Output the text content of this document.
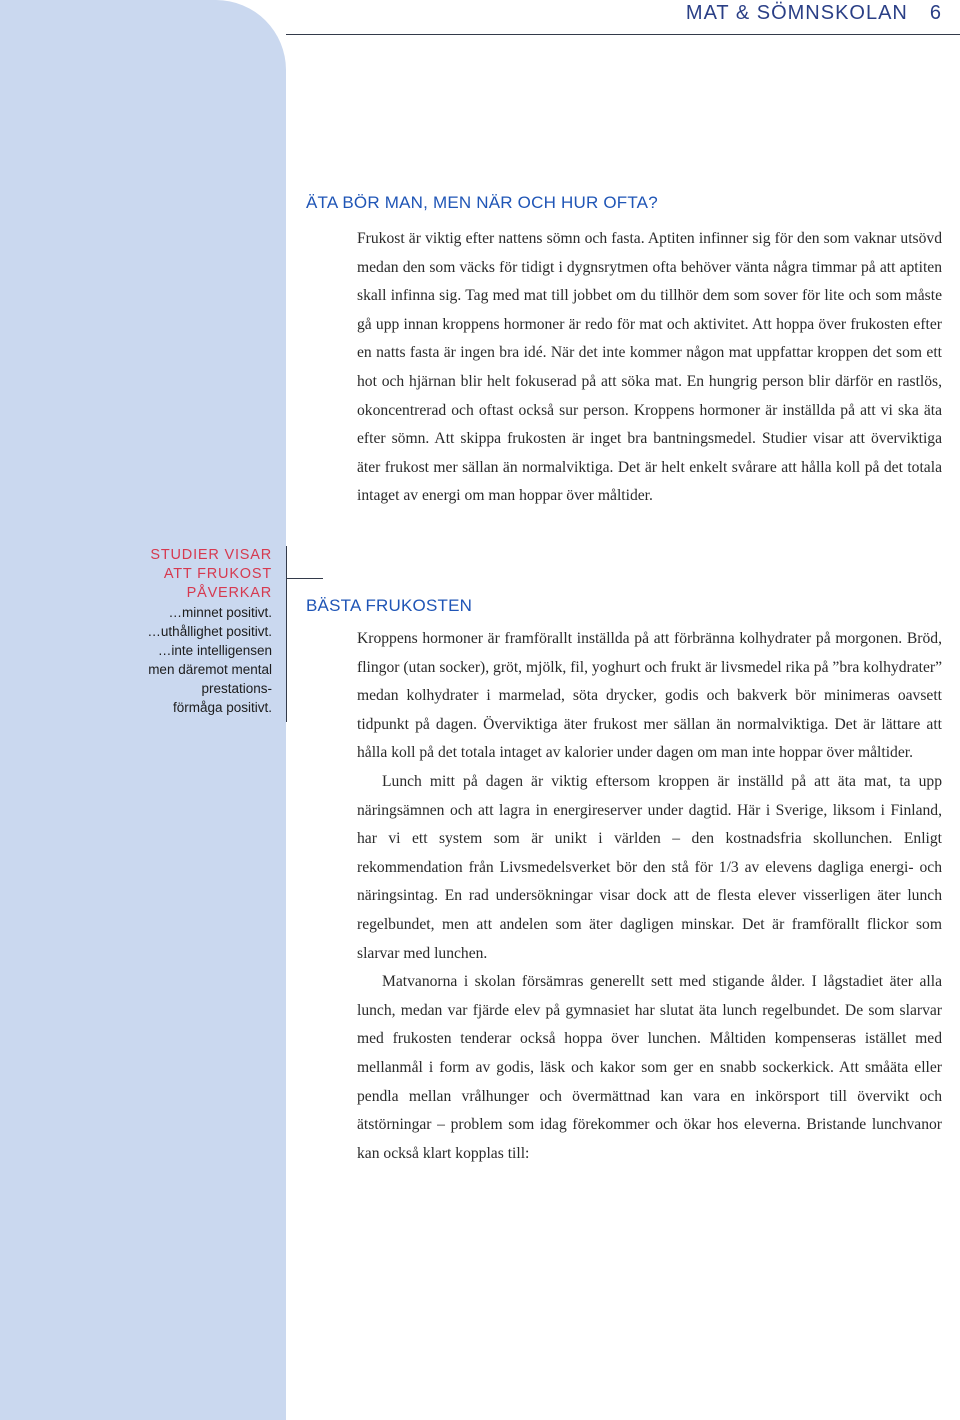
MAT & SÖMNSKOLAN 6
ÄTA BÖR MAN, MEN NÄR OCH HUR OFTA?

Frukost är viktig efter nattens sömn och fasta. Aptiten infinner sig för den som vaknar utsövd medan den som väcks för tidigt i dygnsrytmen ofta behöver vänta några timmar på att aptiten skall infinna sig. Tag med mat till jobbet om du tillhör dem som sover för lite och som måste gå upp innan kroppens hormoner är redo för mat och aktivitet. Att hoppa över frukosten efter en natts fasta är ingen bra idé. När det inte kommer någon mat uppfattar kroppen det som ett hot och hjärnan blir helt fokuserad på att söka mat. En hungrig person blir därför en rastlös, okoncentrerad och oftast också sur person. Kroppens hormoner är inställda på att vi ska äta efter sömn. Att skippa frukosten är inget bra bantningsmedel. Studier visar att överviktiga äter frukost mer sällan än normalviktiga. Det är helt enkelt svårare att hålla koll på det totala intaget av energi om man hoppar över måltider.

STUDIER VISAR
ATT FRUKOST
PÅVERKAR
…minnet positivt.
…uthållighet positivt.
…inte intelligensen
men däremot mental
prestations-
förmåga positivt.
BÄSTA FRUKOSTEN

Kroppens hormoner är framförallt inställda på att förbränna kolhydrater på morgonen. Bröd, flingor (utan socker), gröt, mjölk, fil, yoghurt och frukt är livsmedel rika på ”bra kolhydrater” medan kolhydrater i marmelad, söta drycker, godis och bakverk bör minimeras oavsett tidpunkt på dagen. Överviktiga äter frukost mer sällan än normalviktiga. Det är lättare att hålla koll på det totala intaget av kalorier under dagen om man inte hoppar över måltider.

Lunch mitt på dagen är viktig eftersom kroppen är inställd på att äta mat, ta upp näringsämnen och att lagra in energireserver under dagtid. Här i Sverige, liksom i Finland, har vi ett system som är unikt i världen – den kostnadsfria skollunchen. Enligt rekommendation från Livsmedelsverket bör den stå för 1/3 av elevens dagliga energi- och näringsintag. En rad undersökningar visar dock att de flesta elever visserligen äter lunch regelbundet, men att andelen som äter dagligen minskar. Det är framförallt flickor som slarvar med lunchen.

Matvanorna i skolan försämras generellt sett med stigande ålder. I lågstadiet äter alla lunch, medan var fjärde elev på gymnasiet har slutat äta lunch regelbundet. De som slarvar med frukosten tenderar också hoppa över lunchen. Måltiden kompenseras istället med mellanmål i form av godis, läsk och kakor som ger en snabb sockerkick. Att småäta eller pendla mellan vrålhunger och övermättnad kan vara en inkörsport till övervikt och ätstörningar – problem som idag förekommer och ökar hos eleverna. Bristande lunchvanor kan också klart kopplas till:
